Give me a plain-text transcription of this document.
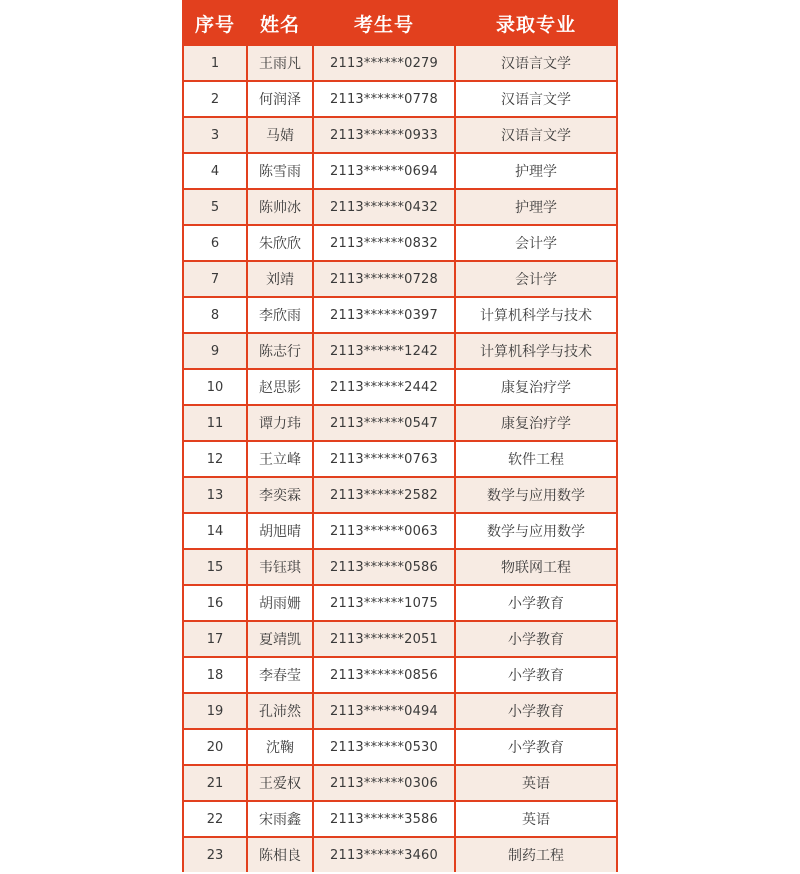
序号	姓名	考生号	录取专业
1	王雨凡	2113******0279	汉语言文学
2	何润泽	2113******0778	汉语言文学
3	马婧	2113******0933	汉语言文学
4	陈雪雨	2113******0694	护理学
5	陈帅冰	2113******0432	护理学
6	朱欣欣	2113******0832	会计学
7	刘靖	2113******0728	会计学
8	李欣雨	2113******0397	计算机科学与技术
9	陈志行	2113******1242	计算机科学与技术
10	赵思影	2113******2442	康复治疗学
11	谭力玮	2113******0547	康复治疗学
12	王立峰	2113******0763	软件工程
13	李奕霖	2113******2582	数学与应用数学
14	胡旭晴	2113******0063	数学与应用数学
15	韦钰琪	2113******0586	物联网工程
16	胡雨姗	2113******1075	小学教育
17	夏靖凯	2113******2051	小学教育
18	李春莹	2113******0856	小学教育
19	孔沛然	2113******0494	小学教育
20	沈鞠	2113******0530	小学教育
21	王爱权	2113******0306	英语
22	宋雨鑫	2113******3586	英语
23	陈相良	2113******3460	制药工程
